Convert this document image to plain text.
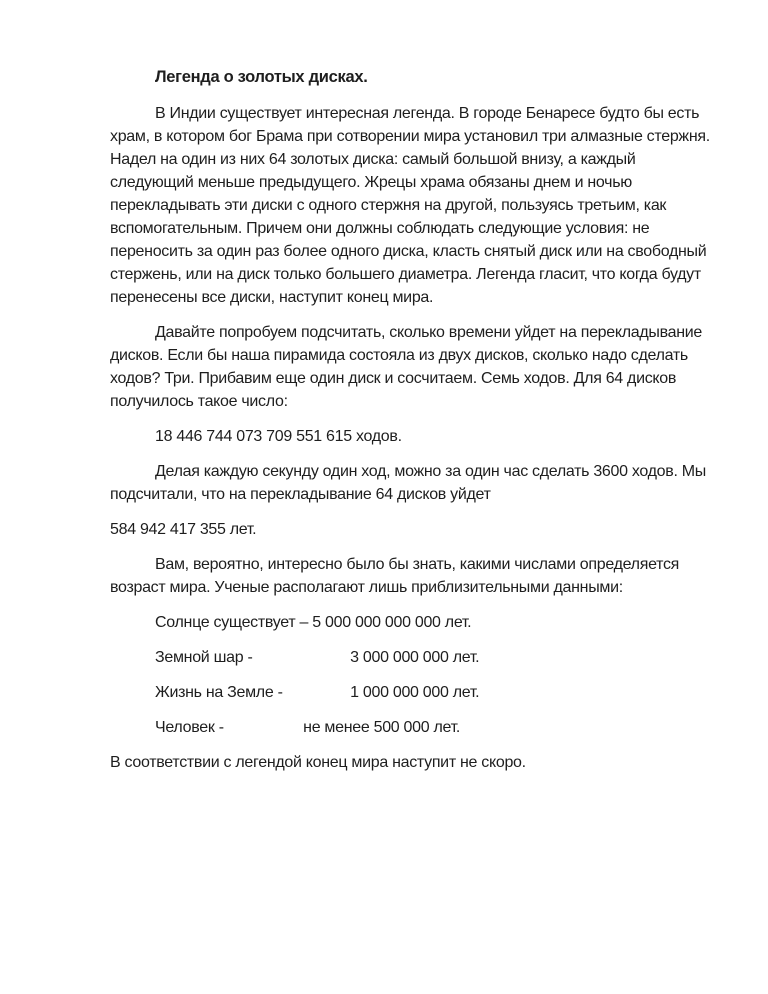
Легенда о золотых дисках.

В Индии существует интересная легенда. В городе Бенаресе будто бы есть храм, в котором бог Брама при сотворении мира установил три алмазные стержня. Надел на один из них 64 золотых диска: самый большой внизу, а каждый следующий меньше предыдущего. Жрецы храма обязаны днем и ночью перекладывать эти диски с одного стержня на другой, пользуясь третьим, как вспомогательным. Причем они должны соблюдать следующие условия: не переносить за один раз более одного диска, класть снятый диск или на свободный стержень, или на диск только большего диаметра. Легенда гласит, что когда будут перенесены все диски, наступит конец мира.

Давайте попробуем подсчитать, сколько времени уйдет на перекладывание дисков. Если бы наша пирамида состояла из двух дисков, сколько надо сделать ходов? Три. Прибавим еще один диск и сосчитаем. Семь ходов. Для 64 дисков получилось такое число:

18 446 744 073 709 551 615 ходов.

Делая каждую секунду один ход, можно за один час сделать 3600 ходов. Мы подсчитали, что на перекладывание 64 дисков уйдет

584 942 417 355 лет.

Вам, вероятно, интересно было бы знать, какими числами определяется возраст мира. Ученые располагают лишь приблизительными данными:

Солнце существует – 5 000 000 000 000 лет.
Земной шар -	3 000 000 000 лет.
Жизнь на Земле -	1 000 000 000 лет.
Человек -	не менее 500 000 лет.

В соответствии с легендой конец мира наступит не скоро.
